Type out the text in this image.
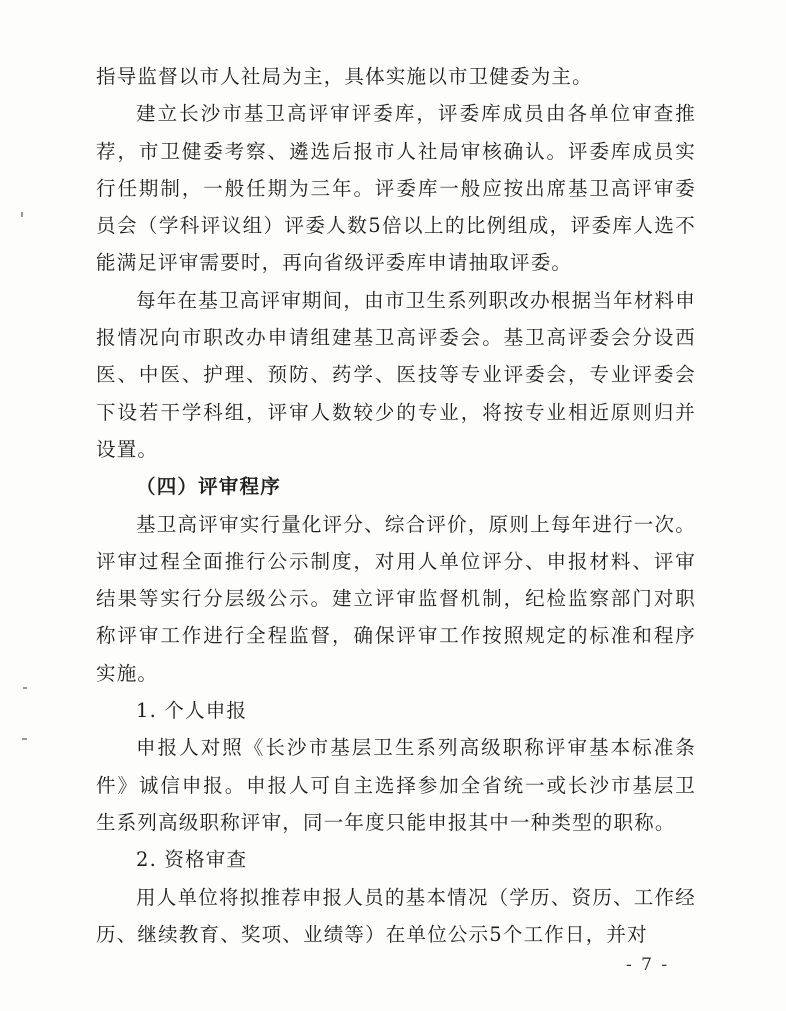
指导监督以市人社局为主，具体实施以市卫健委为主。

建立长沙市基卫高评审评委库，评委库成员由各单位审查推荐，市卫健委考察、遴选后报市人社局审核确认。评委库成员实行任期制，一般任期为三年。评委库一般应按出席基卫高评审委员会（学科评议组）评委人数5倍以上的比例组成，评委库人选不能满足评审需要时，再向省级评委库申请抽取评委。

每年在基卫高评审期间，由市卫生系列职改办根据当年材料申报情况向市职改办申请组建基卫高评委会。基卫高评委会分设西医、中医、护理、预防、药学、医技等专业评委会，专业评委会下设若干学科组，评审人数较少的专业，将按专业相近原则归并设置。

（四）评审程序

基卫高评审实行量化评分、综合评价，原则上每年进行一次。评审过程全面推行公示制度，对用人单位评分、申报材料、评审结果等实行分层级公示。建立评审监督机制，纪检监察部门对职称评审工作进行全程监督，确保评审工作按照规定的标准和程序实施。

1. 个人申报

申报人对照《长沙市基层卫生系列高级职称评审基本标准条件》诚信申报。申报人可自主选择参加全省统一或长沙市基层卫生系列高级职称评审，同一年度只能申报其中一种类型的职称。

2. 资格审查

用人单位将拟推荐申报人员的基本情况（学历、资历、工作经历、继续教育、奖项、业绩等）在单位公示5个工作日，并对

- 7 -
